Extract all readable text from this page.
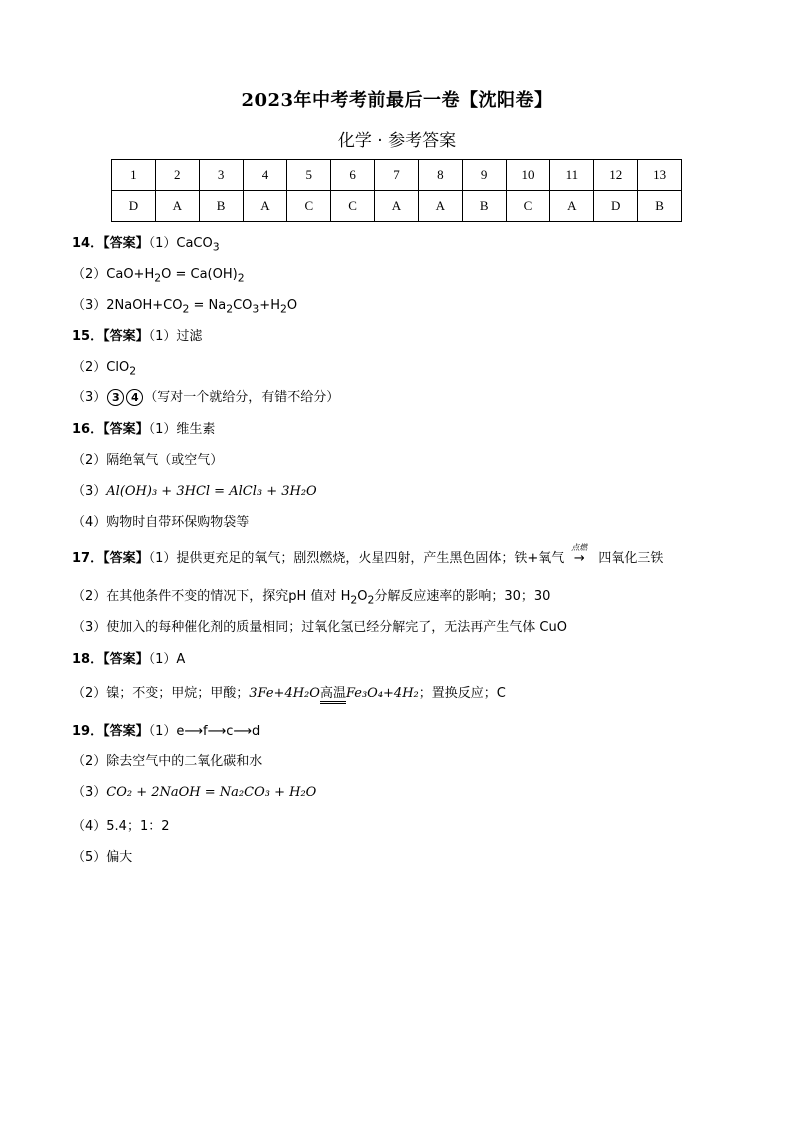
2023年中考考前最后一卷【沈阳卷】
化学 · 参考答案
1	2	3	4	5	6	7	8	9	10	11	12	13
D	A	B	A	C	C	A	A	B	C	A	D	B
14．【答案】（1）CaCO$_3$
$(2)CaO+H_2O = Ca(OH)_2$
$(3)2NaOH+CO_2 = Na_2CO_3+H_2O$
15．【答案】（1）过滤
（2）ClO$_2$
（3） 3 4 （写对一个就给分，有错不给分）
16．【答案】（1）维生素
（2）隔绝氧气（或空气）
（3）Al(OH)₃ + 3HCl = AlCl₃ + 3H₂O
（4）购物时自带环保购物袋等
17．【答案】（1）提供更充足的氧气；剧烈燃烧，火星四射，产生黑色固体；铁+氧气
点燃
→ 四氧化三铁
（2）在其他条件不变的情况下，探究pH 值对 $H_2O_2$分解反应速率的影响；30；30
（3）使加入的每种催化剂的质量相同；过氧化氢已经分解完了，无法再产生气体 CuO
18．【答案】（1）A
（2）镍；不变；甲烷；甲酸；3Fe+4H₂O高温Fe₃O₄+4H₂；置换反应；C
19．【答案】（1）e⟶f⟶c⟶d
（2）除去空气中的二氧化碳和水
（3）CO₂ + 2NaOH = Na₂CO₃ + H₂O
（4）5.4；1：2
（5）偏大
